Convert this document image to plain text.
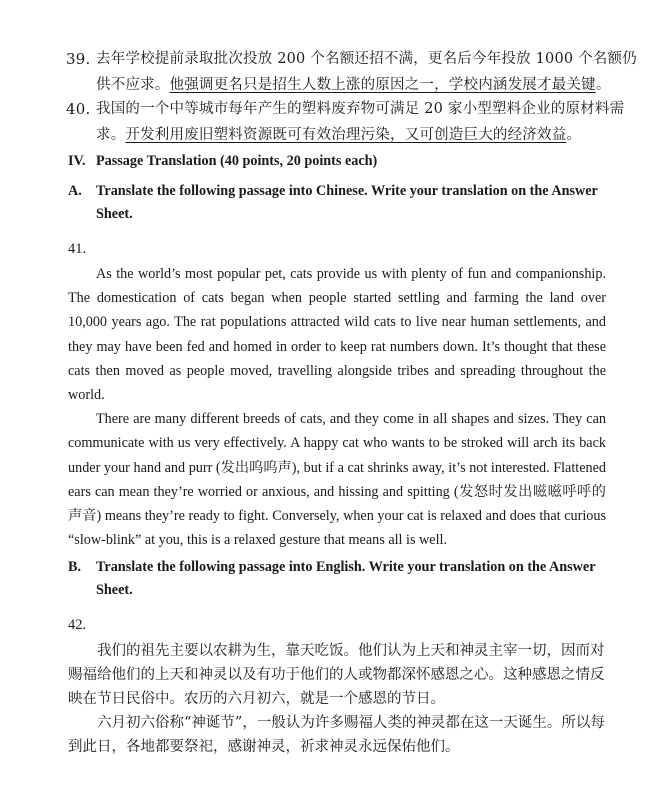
39. 去年学校提前录取批次投放 200 个名额还招不满，更名后今年投放 1000 个名额仍
供不应求。他强调更名只是招生人数上涨的原因之一，学校内涵发展才最关键。
40. 我国的一个中等城市每年产生的塑料废弃物可满足 20 家小型塑料企业的原材料需
求。开发利用废旧塑料资源既可有效治理污染，又可创造巨大的经济效益。
IV. Passage Translation (40 points, 20 points each)
A. Translate the following passage into Chinese. Write your translation on the Answer
Sheet.
41.

As the world’s most popular pet, cats provide us with plenty of fun and companionship. The domestication of cats began when people started settling and farming the land over 10,000 years ago. The rat populations attracted wild cats to live near human settlements, and they may have been fed and homed in order to keep rat numbers down. It’s thought that these cats then moved as people moved, travelling alongside tribes and spreading throughout the world.

There are many different breeds of cats, and they come in all shapes and sizes. They can communicate with us very effectively. A happy cat who wants to be stroked will arch its back under your hand and purr (发出呜呜声), but if a cat shrinks away, it’s not interested. Flattened ears can mean they’re worried or anxious, and hissing and spitting (发怒时发出嗞嗞呼呼的声音) means they’re ready to fight. Conversely, when your cat is relaxed and does that curious “slow-blink” at you, this is a relaxed gesture that means all is well.

B. Translate the following passage into English. Write your translation on the Answer
Sheet.
42.

我们的祖先主要以农耕为生，靠天吃饭。他们认为上天和神灵主宰一切，因而对赐福给他们的上天和神灵以及有功于他们的人或物都深怀感恩之心。这种感恩之情反映在节日民俗中。农历的六月初六，就是一个感恩的节日。

六月初六俗称“神诞节”，一般认为许多赐福人类的神灵都在这一天诞生。所以每到此日，各地都要祭祀，感谢神灵，祈求神灵永远保佑他们。
